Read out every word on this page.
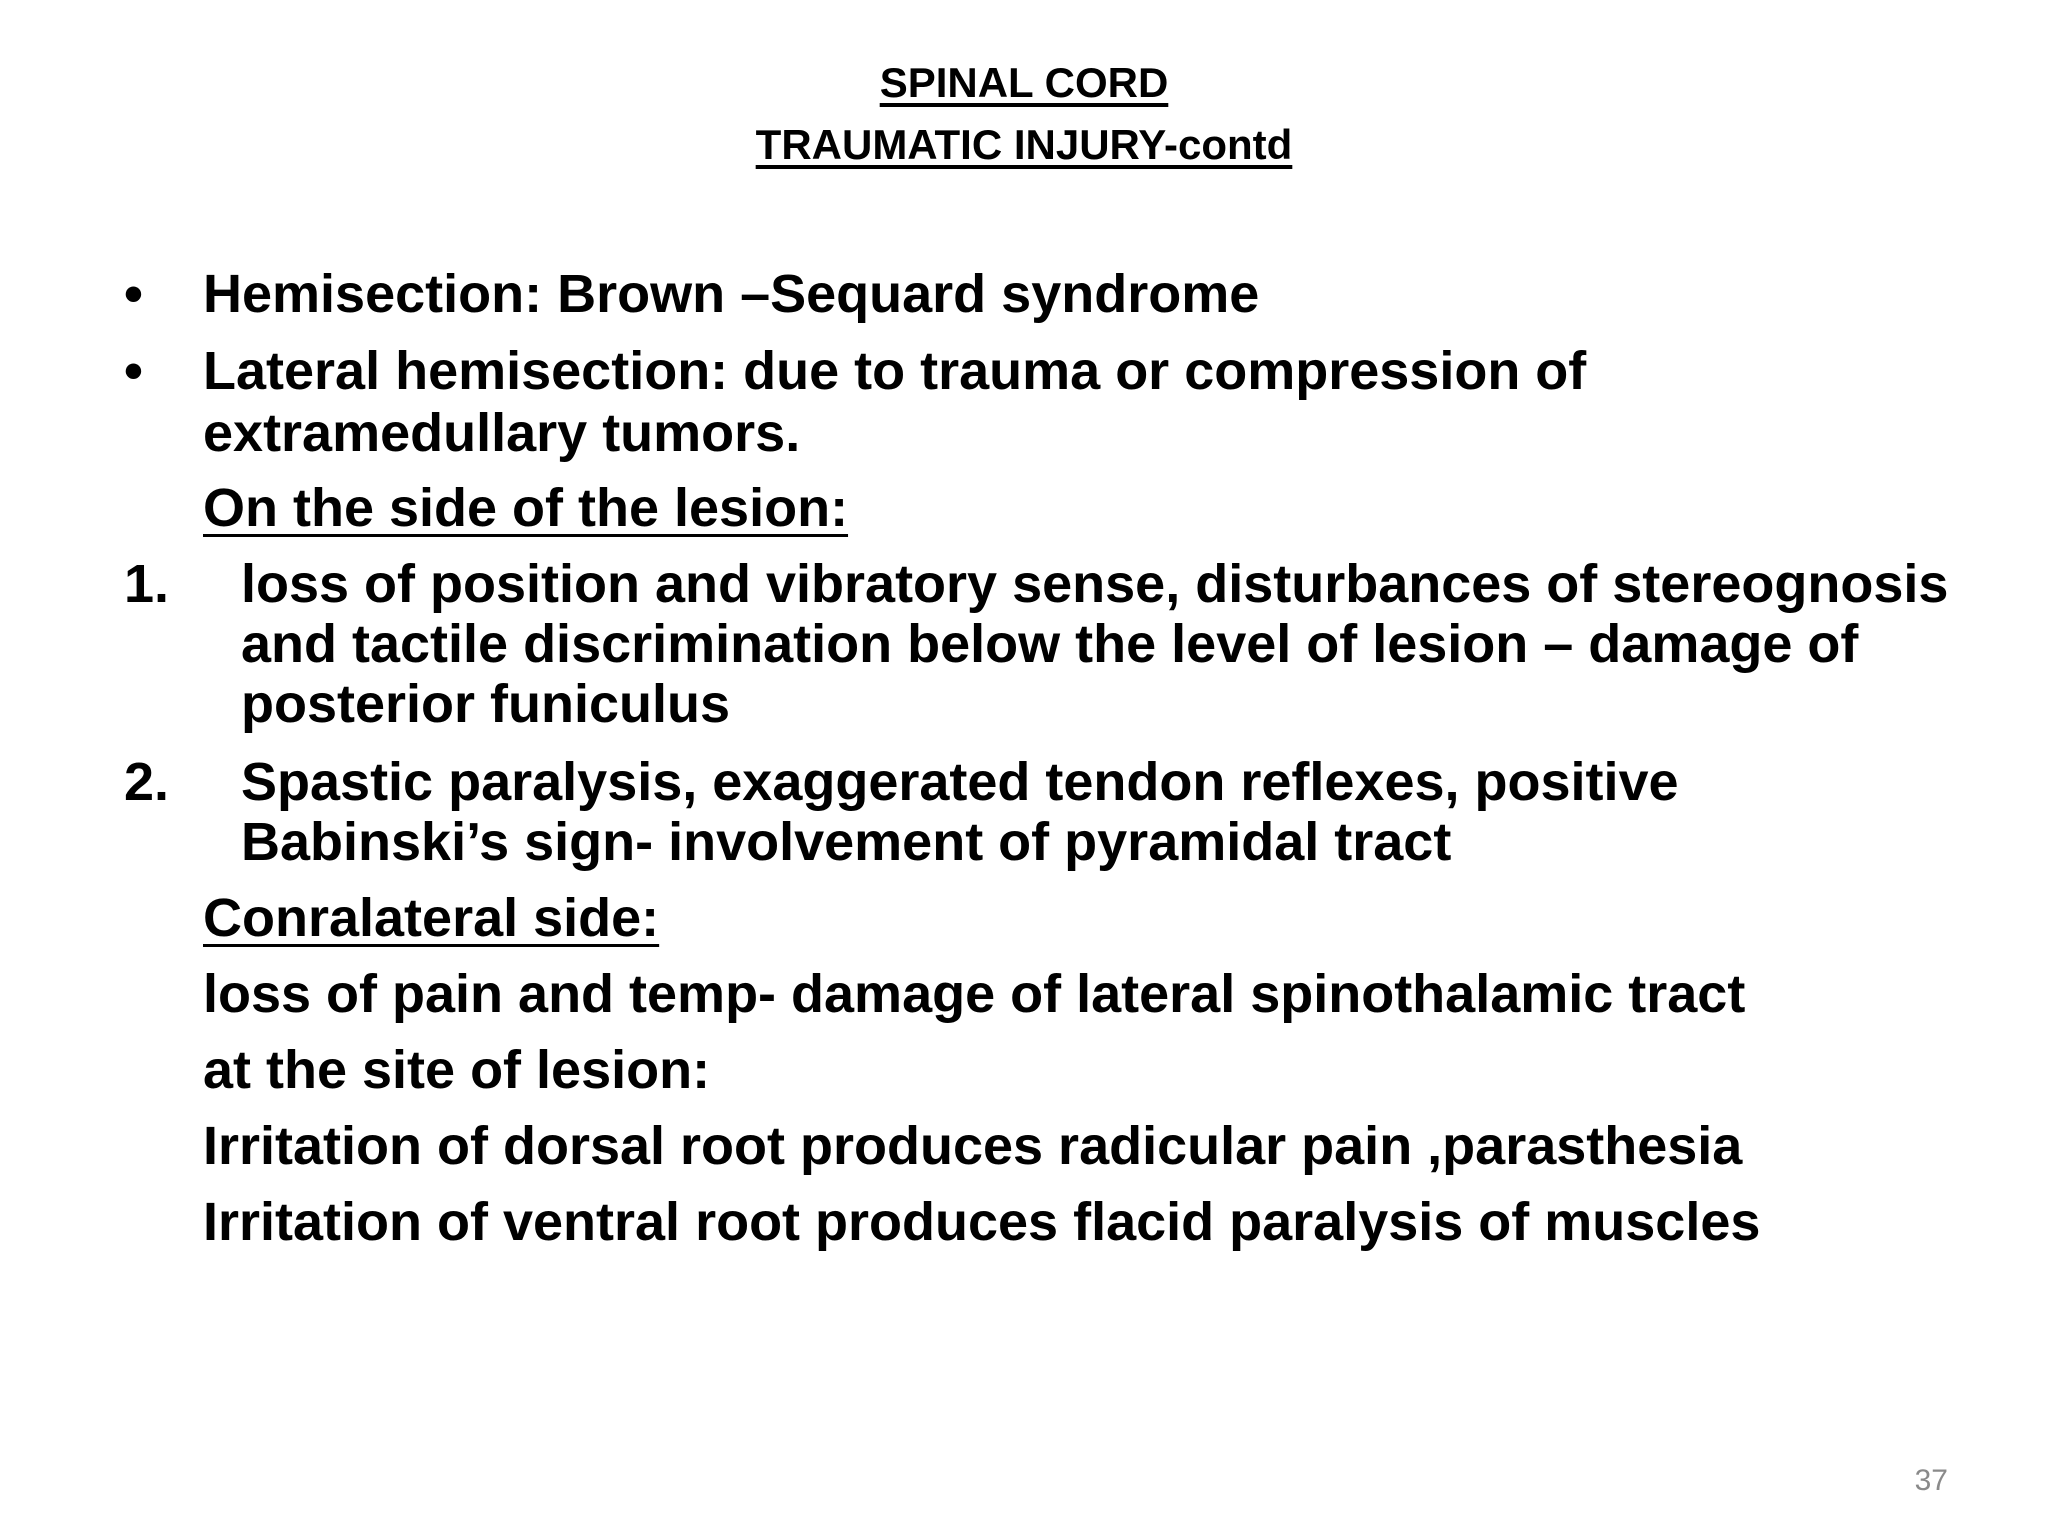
SPINAL CORD
TRAUMATIC INJURY-contd
• Hemisection: Brown –Sequard syndrome
• Lateral hemisection: due to trauma or compression of
extramedullary tumors.
On the side of the lesion:
1. loss of position and vibratory sense, disturbances of stereognosis
and tactile discrimination below the level of lesion – damage of
posterior funiculus
2. Spastic paralysis, exaggerated tendon reflexes, positive
Babinski’s sign- involvement of pyramidal tract
Conralateral side:
loss of pain and temp- damage of lateral spinothalamic tract
at the site of lesion:
Irritation of dorsal root produces radicular pain ,parasthesia
Irritation of ventral root produces flacid paralysis of muscles
37
